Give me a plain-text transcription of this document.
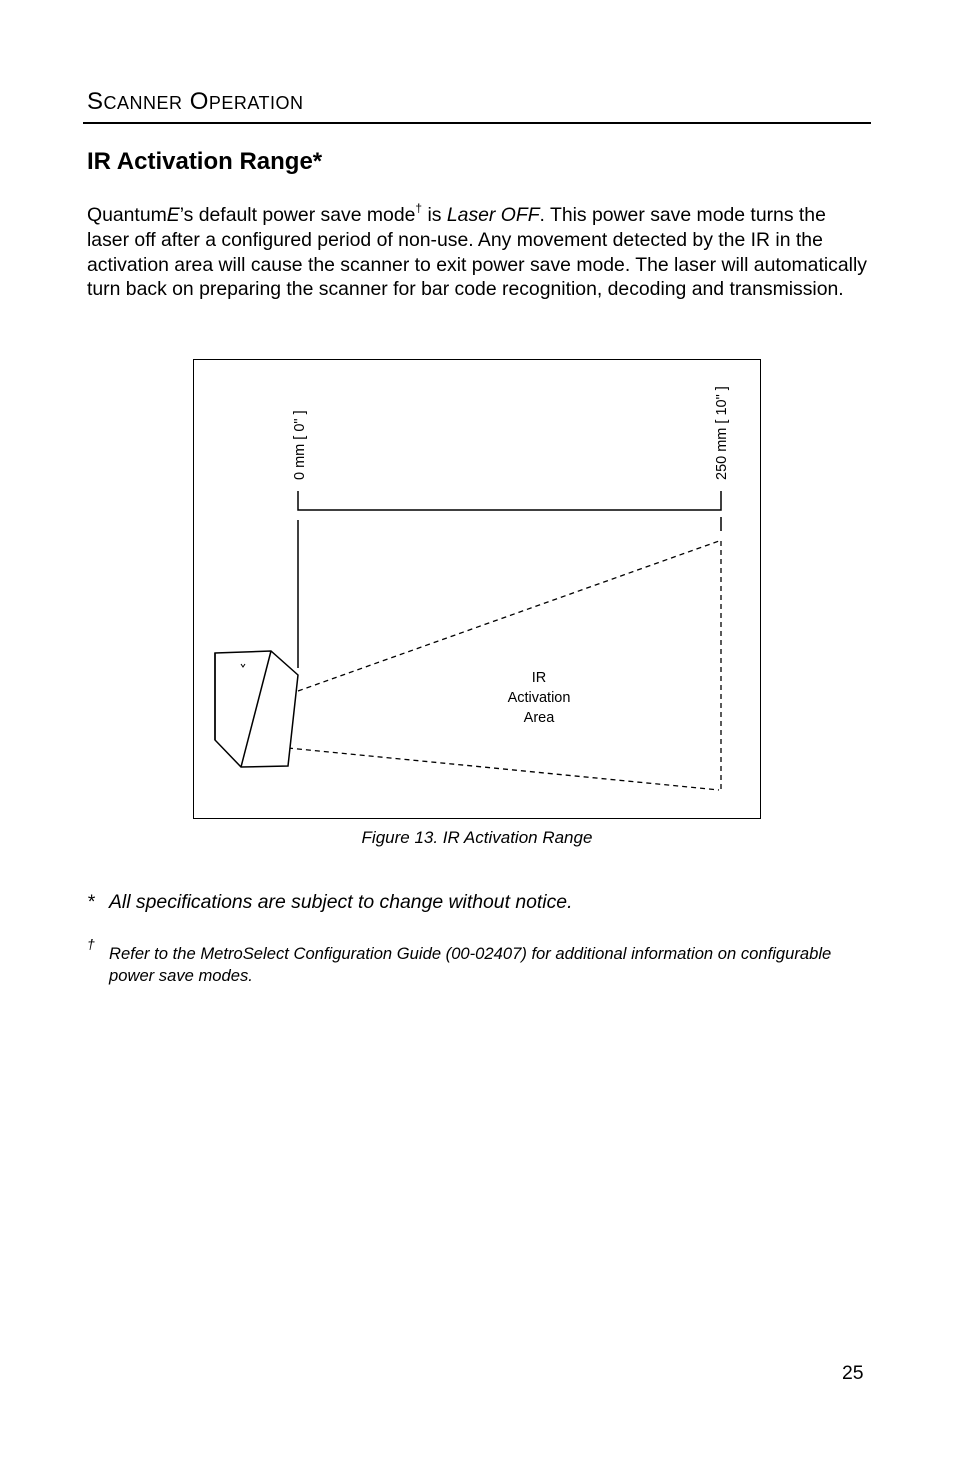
SCANNER OPERATION
IR Activation Range*

QuantumE’s default power save mode† is Laser OFF. This power save mode turns the laser off after a configured period of non-use. Any movement detected by the IR in the activation area will cause the scanner to exit power save mode. The laser will automatically turn back on preparing the scanner for bar code recognition, decoding and transmission.

0 mm [ 0" ]	250 mm [ 10" ]
IR
Activation
Area
Figure 13. IR Activation Range
* All specifications are subject to change without notice.
† Refer to the MetroSelect Configuration Guide (00-02407) for additional information on configurable power save modes.
25
